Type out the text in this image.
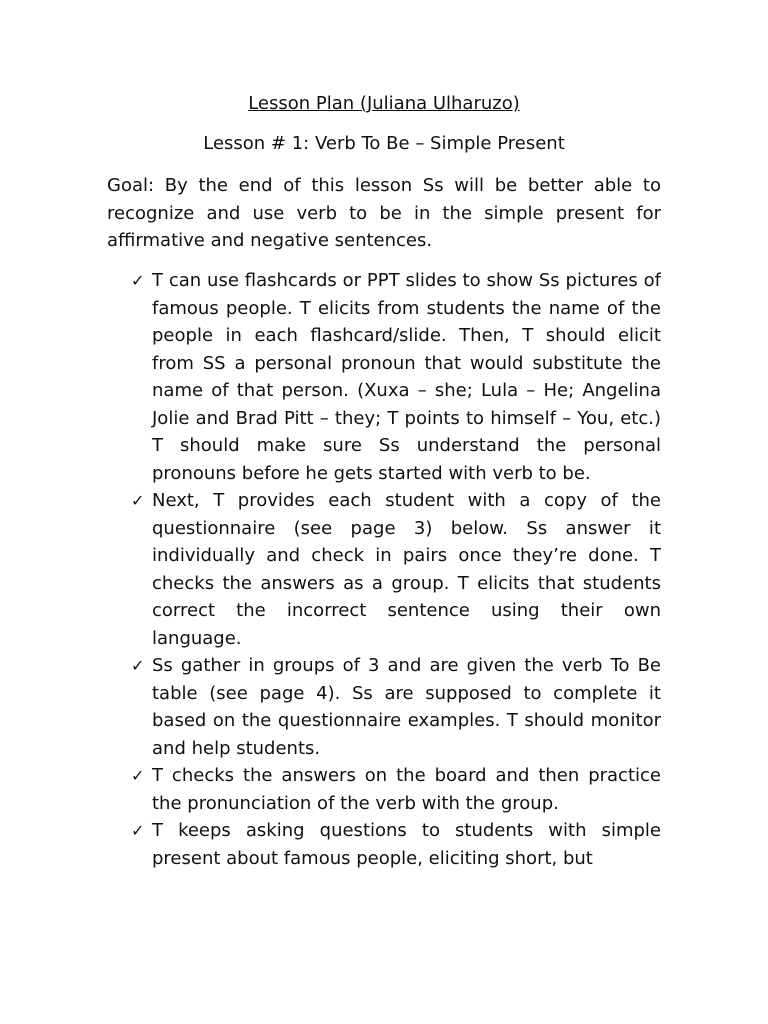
Lesson Plan (Juliana Ulharuzo)
Lesson # 1: Verb To Be – Simple Present

Goal: By the end of this lesson Ss will be better able to recognize and use verb to be in the simple present for affirmative and negative sentences.

✓ T can use flashcards or PPT slides to show Ss pictures of famous people. T elicits from students the name of the people in each flashcard/slide. Then, T should elicit from SS a personal pronoun that would substitute the name of that person. (Xuxa – she; Lula – He; Angelina Jolie and Brad Pitt – they; T points to himself – You, etc.) T should make sure Ss understand the personal pronouns before he gets started with verb to be.
✓ Next, T provides each student with a copy of the questionnaire (see page 3) below. Ss answer it individually and check in pairs once they’re done. T checks the answers as a group. T elicits that students correct the incorrect sentence using their own language.
✓ Ss gather in groups of 3 and are given the verb To Be table (see page 4). Ss are supposed to complete it based on the questionnaire examples. T should monitor and help students.
✓ T checks the answers on the board and then practice the pronunciation of the verb with the group.
✓ T keeps asking questions to students with simple present about famous people, eliciting short, but
